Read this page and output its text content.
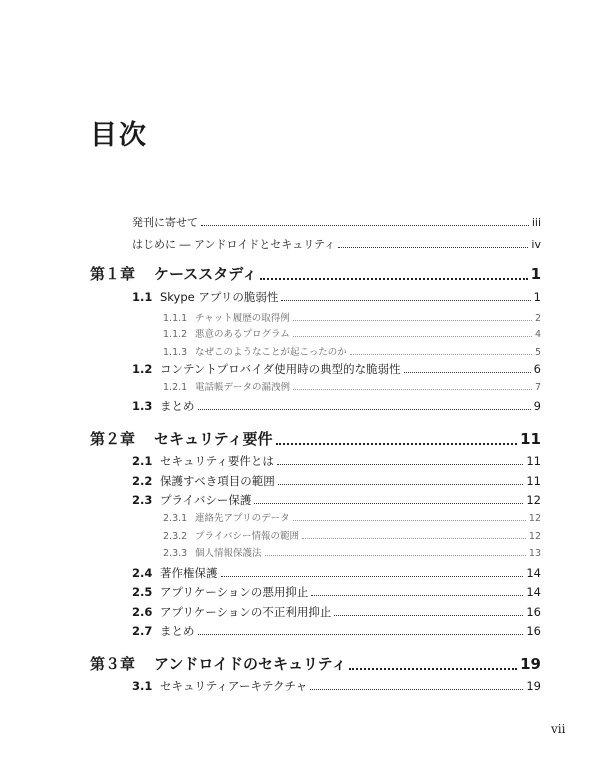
目次
発刊に寄せて	iii
はじめに ― アンドロイドとセキュリティ	iv
第１章	ケーススタディ	1
1.1 Skype アプリの脆弱性	1
1.1.1 チャット履歴の取得例	2
1.1.2 悪意のあるプログラム	4
1.1.3 なぜこのようなことが起こったのか	5
1.2 コンテントプロバイダ使用時の典型的な脆弱性	6
1.2.1 電話帳データの漏洩例	7
1.3 まとめ	9
第２章	セキュリティ要件	11
2.1 セキュリティ要件とは	11
2.2 保護すべき項目の範囲	11
2.3 プライバシー保護	12
2.3.1 連絡先アプリのデータ	12
2.3.2 プライバシー情報の範囲	12
2.3.3 個人情報保護法	13
2.4 著作権保護	14
2.5 アプリケーションの悪用抑止	14
2.6 アプリケーションの不正利用抑止	16
2.7 まとめ	16
第３章	アンドロイドのセキュリティ	19
3.1 セキュリティアーキテクチャ	19
vii
